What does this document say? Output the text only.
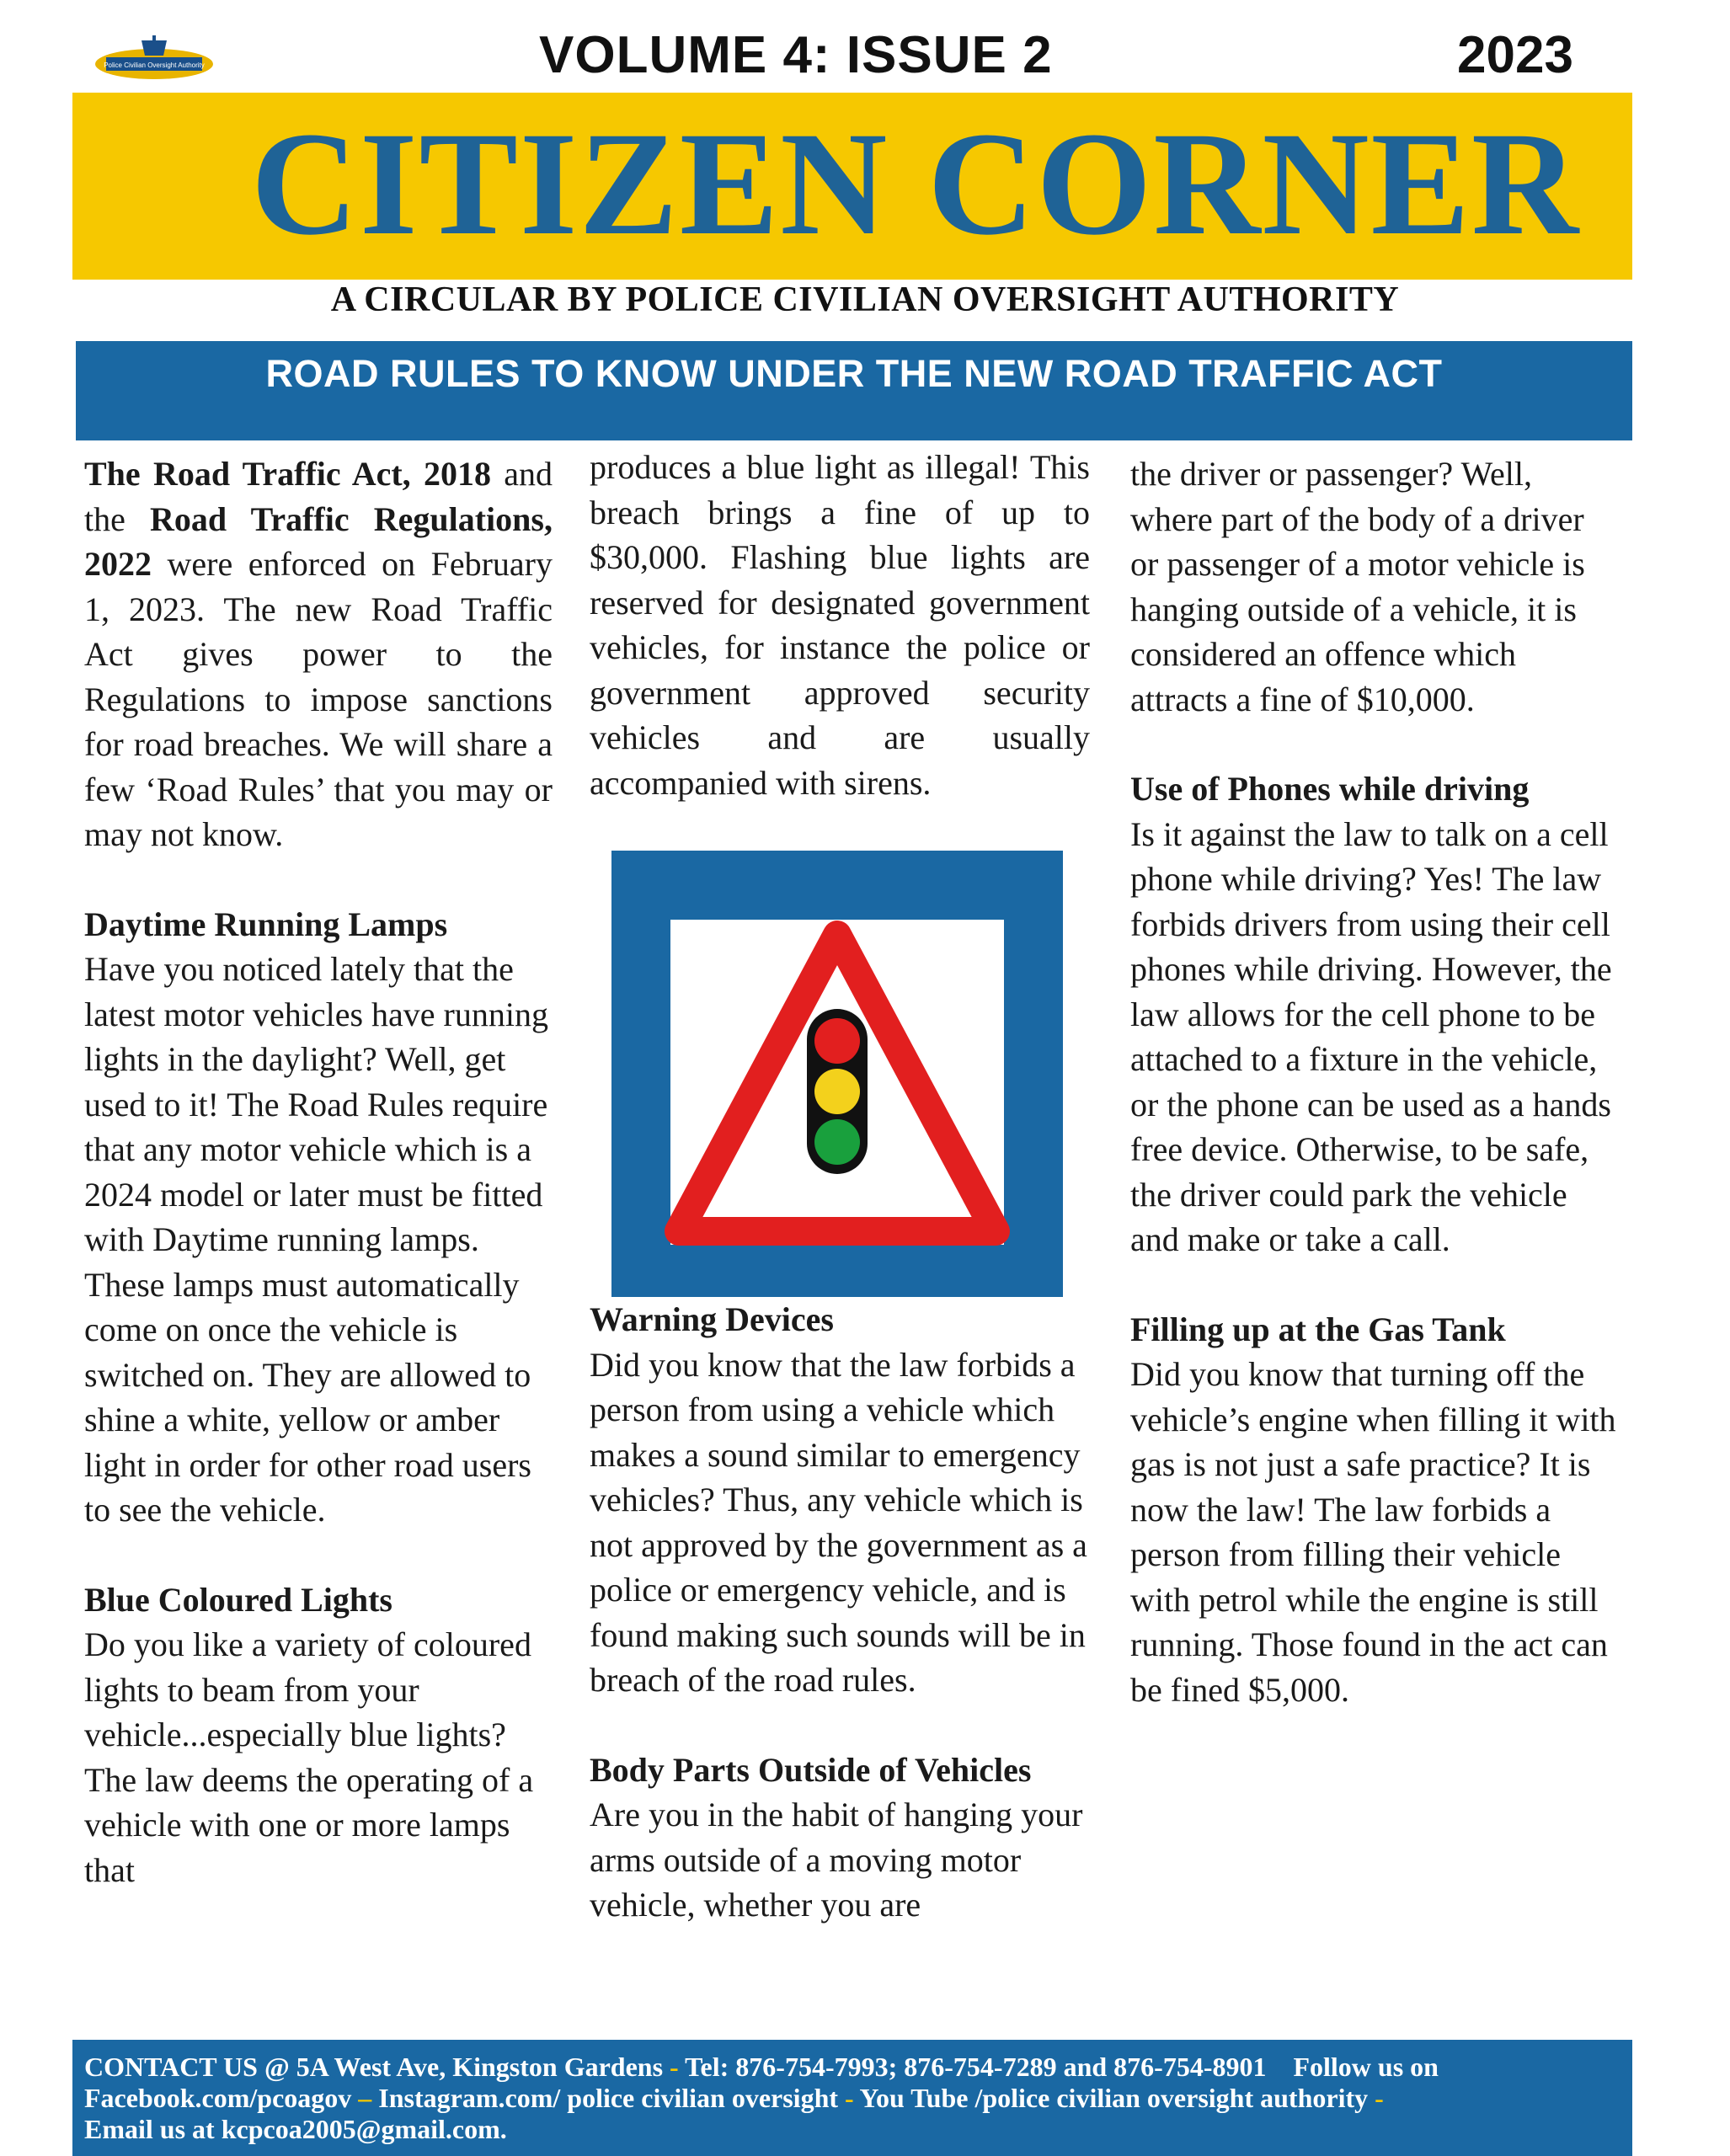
Police Civilian Oversight Authority	VOLUME 4: ISSUE 2	2023
CITIZEN CORNER
A CIRCULAR BY POLICE CIVILIAN OVERSIGHT AUTHORITY
ROAD RULES TO KNOW UNDER THE NEW ROAD TRAFFIC ACT

The Road Traffic Act, 2018 and the Road Traffic Regulations, 2022 were enforced on February 1, 2023. The new Road Traffic Act gives power to the Regulations to impose sanctions for road breaches. We will share a few ‘Road Rules’ that you may or may not know.

Daytime Running Lamps

Have you noticed lately that the latest motor vehicles have running lights in the daylight? Well, get used to it! The Road Rules require that any motor vehicle which is a 2024 model or later must be fitted with Daytime running lamps. These lamps must automatically come on once the vehicle is switched on. They are allowed to shine a white, yellow or amber light in order for other road users to see the vehicle.

Blue Coloured Lights

Do you like a variety of coloured lights to beam from your vehicle...especially blue lights? The law deems the operating of a vehicle with one or more lamps that

produces a blue light as illegal! This breach brings a fine of up to $30,000. Flashing blue lights are reserved for designated government vehicles, for instance the police or government approved security vehicles and are usually accompanied with sirens.

Warning Devices

Did you know that the law forbids a person from using a vehicle which makes a sound similar to emergency vehicles? Thus, any vehicle which is not approved by the government as a police or emergency vehicle, and is found making such sounds will be in breach of the road rules.

Body Parts Outside of Vehicles

Are you in the habit of hanging your arms outside of a moving motor vehicle, whether you are

the driver or passenger? Well, where part of the body of a driver or passenger of a motor vehicle is hanging outside of a vehicle, it is considered an offence which attracts a fine of $10,000.

Use of Phones while driving

Is it against the law to talk on a cell phone while driving? Yes! The law forbids drivers from using their cell phones while driving. However, the law allows for the cell phone to be attached to a fixture in the vehicle, or the phone can be used as a hands free device. Otherwise, to be safe, the driver could park the vehicle and make or take a call.

Filling up at the Gas Tank

Did you know that turning off the vehicle’s engine when filling it with gas is not just a safe practice? It is now the law! The law forbids a person from filling their vehicle with petrol while the engine is still running. Those found in the act can be fined $5,000.

CONTACT US @ 5A West Ave, Kingston Gardens - Tel: 876-754-7993; 876-754-7289 and 876-754-8901 Follow us on Facebook.com/pcoagov – Instagram.com/ police civilian oversight - You Tube /police civilian oversight authority -
Email us at kcpcoa2005@gmail.com.
